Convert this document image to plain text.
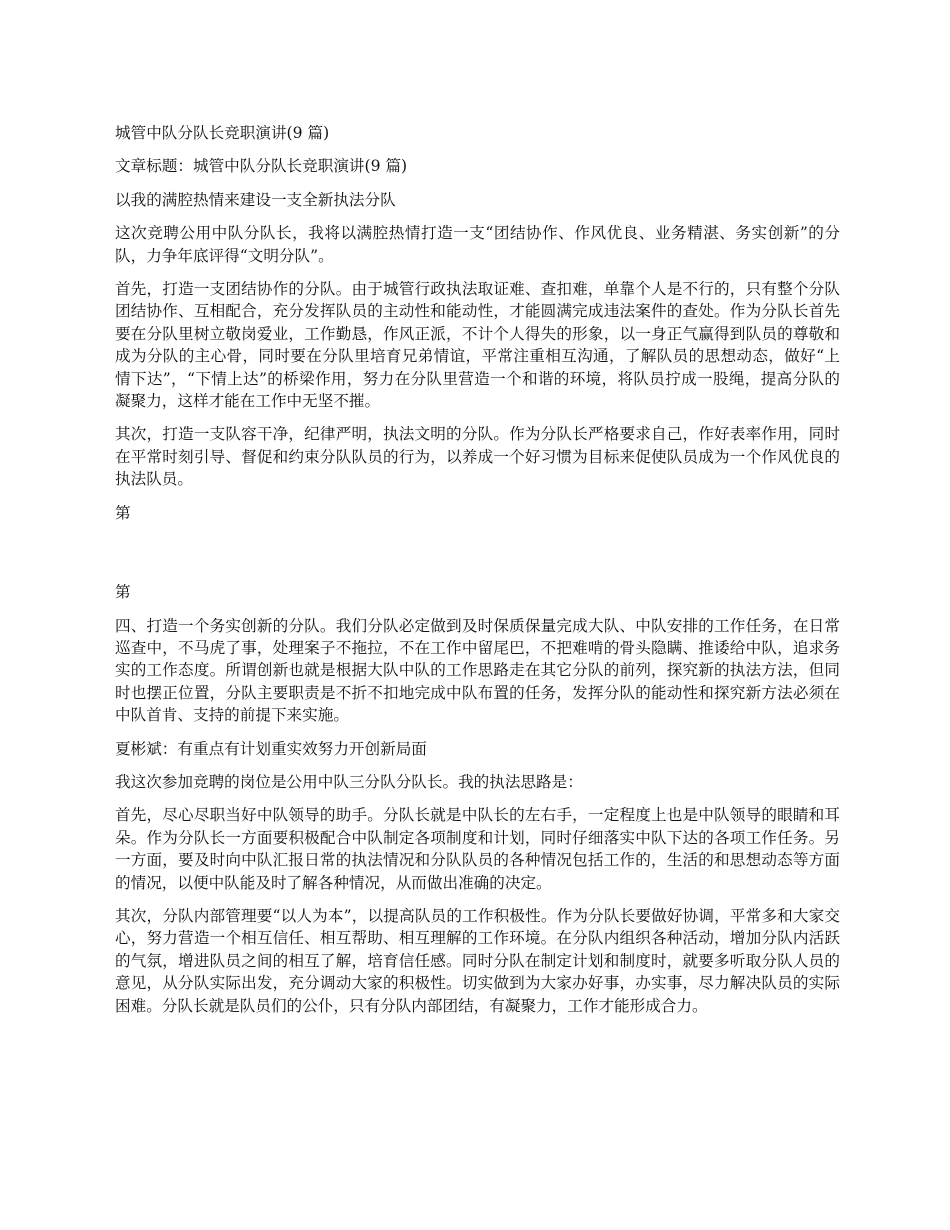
城管中队分队长竞职演讲(9 篇)

文章标题：城管中队分队长竞职演讲(9 篇)

以我的满腔热情来建设一支全新执法分队

这次竞聘公用中队分队长，我将以满腔热情打造一支“团结协作、作风优良、业务精湛、务实创新”的分队，力争年底评得“文明分队”。

首先，打造一支团结协作的分队。由于城管行政执法取证难、查扣难，单靠个人是不行的，只有整个分队团结协作、互相配合，充分发挥队员的主动性和能动性，才能圆满完成违法案件的查处。作为分队长首先要在分队里树立敬岗爱业，工作勤恳，作风正派，不计个人得失的形象，以一身正气赢得到队员的尊敬和成为分队的主心骨，同时要在分队里培育兄弟情谊，平常注重相互沟通，了解队员的思想动态，做好“上情下达”，“下情上达”的桥梁作用，努力在分队里营造一个和谐的环境，将队员拧成一股绳，提高分队的凝聚力，这样才能在工作中无坚不摧。

其次，打造一支队容干净，纪律严明，执法文明的分队。作为分队长严格要求自己，作好表率作用，同时在平常时刻引导、督促和约束分队队员的行为，以养成一个好习惯为目标来促使队员成为一个作风优良的执法队员。

第

第

四、打造一个务实创新的分队。我们分队必定做到及时保质保量完成大队、中队安排的工作任务，在日常巡查中，不马虎了事，处理案子不拖拉，不在工作中留尾巴，不把难啃的骨头隐瞒、推诿给中队，追求务实的工作态度。所谓创新也就是根据大队中队的工作思路走在其它分队的前列，探究新的执法方法，但同时也摆正位置，分队主要职责是不折不扣地完成中队布置的任务，发挥分队的能动性和探究新方法必须在中队首肯、支持的前提下来实施。

夏彬斌：有重点有计划重实效努力开创新局面

我这次参加竞聘的岗位是公用中队三分队分队长。我的执法思路是：

首先，尽心尽职当好中队领导的助手。分队长就是中队长的左右手，一定程度上也是中队领导的眼睛和耳朵。作为分队长一方面要积极配合中队制定各项制度和计划，同时仔细落实中队下达的各项工作任务。另一方面，要及时向中队汇报日常的执法情况和分队队员的各种情况包括工作的，生活的和思想动态等方面的情况，以便中队能及时了解各种情况，从而做出准确的决定。

其次，分队内部管理要“以人为本”，以提高队员的工作积极性。作为分队长要做好协调，平常多和大家交心，努力营造一个相互信任、相互帮助、相互理解的工作环境。在分队内组织各种活动，增加分队内活跃的气氛，增进队员之间的相互了解，培育信任感。同时分队在制定计划和制度时，就要多听取分队人员的意见，从分队实际出发，充分调动大家的积极性。切实做到为大家办好事，办实事，尽力解决队员的实际困难。分队长就是队员们的公仆，只有分队内部团结，有凝聚力，工作才能形成合力。
